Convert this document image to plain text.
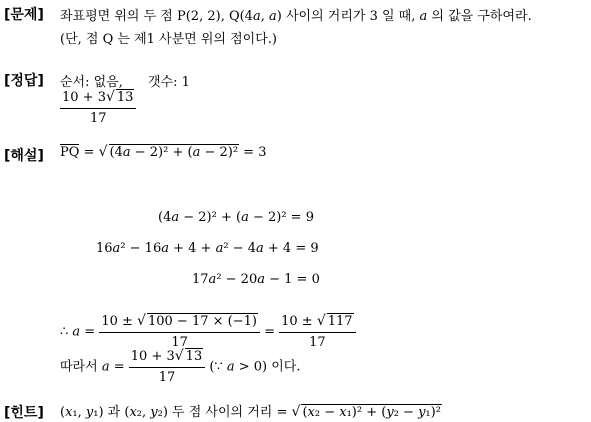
[문제] 좌표평면 위의 두 점 P(2, 2), Q(4a, a) 사이의 거리가 3 일 때, a 의 값을 구하여라.
(단, 점 Q 는 제1 사분면 위의 점이다.)
[정답] 순서: 없음, 갯수: 1
$\frac{10 + 3√ 13}{17}$
[해설] PQ = √ (4a − 2)² + (a − 2)² = 3
(4a − 2)² + (a − 2)² = 9
16a² − 16a + 4 + a² − 4a + 4 = 9
17a² − 20a − 1 = 0
∴ $a = \frac{10 \pm √ 100 - 17 \times (-1)}{17} = \frac{10 \pm √ 117}{17}$
따라서 $a = \frac{10 + 3√ 13}{17}$ (∵ a > 0) 이다.
[힌트] (x₁, y₁) 과 (x₂, y₂) 두 점 사이의 거리 = √ (x₂ − x₁)² + (y₂ − y₁)²
